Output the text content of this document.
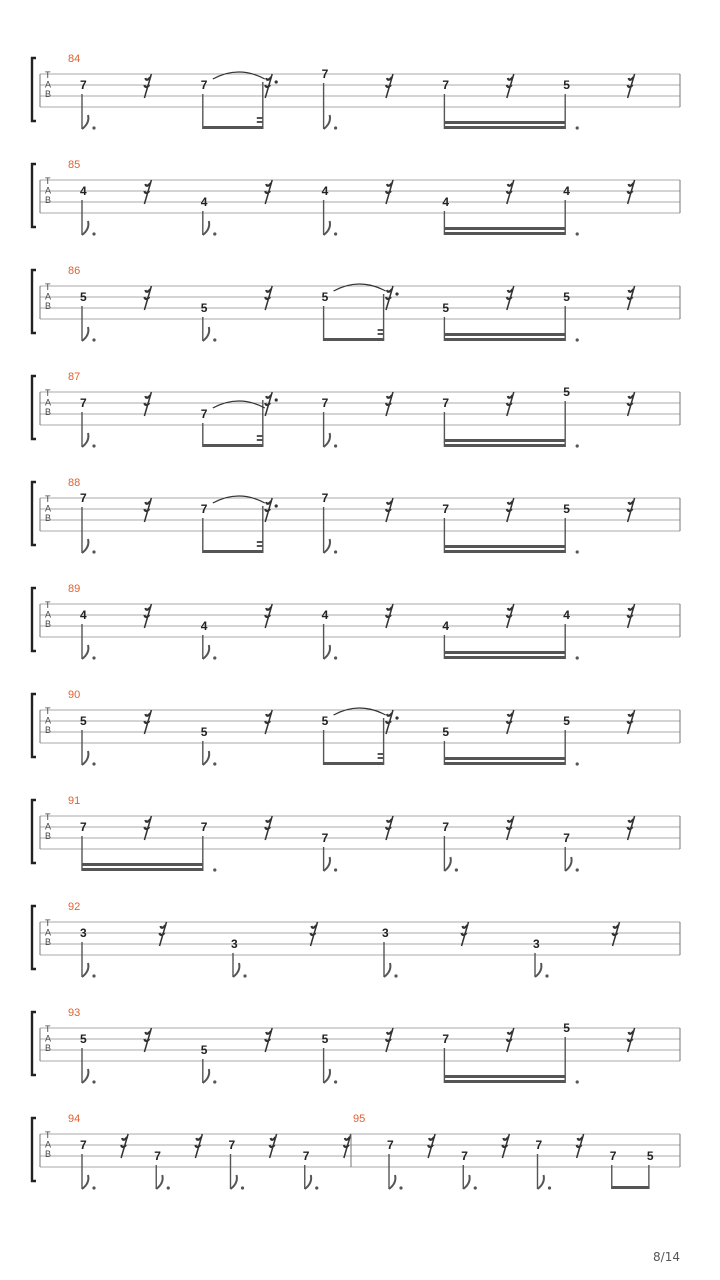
T
A
B
84
7	7
7
7	5
T
A
B
85
4
4
4
4
4
T
A
B
86
5
5
5
5
5
T
A
B
87
7
7
7	7
5
T
A
B
88
7
7
7
7	5
T
A
B
89
4
4
4
4
4
T
A
B
90
5
5
5
5
5
T
A
B
91
7	7
7
7
7
T
A
B
92
3
3
3
3
T
A
B
93
5
5
5	7
5
T
A
B
94
7
7
7
7
95
7
7
7
7	5
8/14
